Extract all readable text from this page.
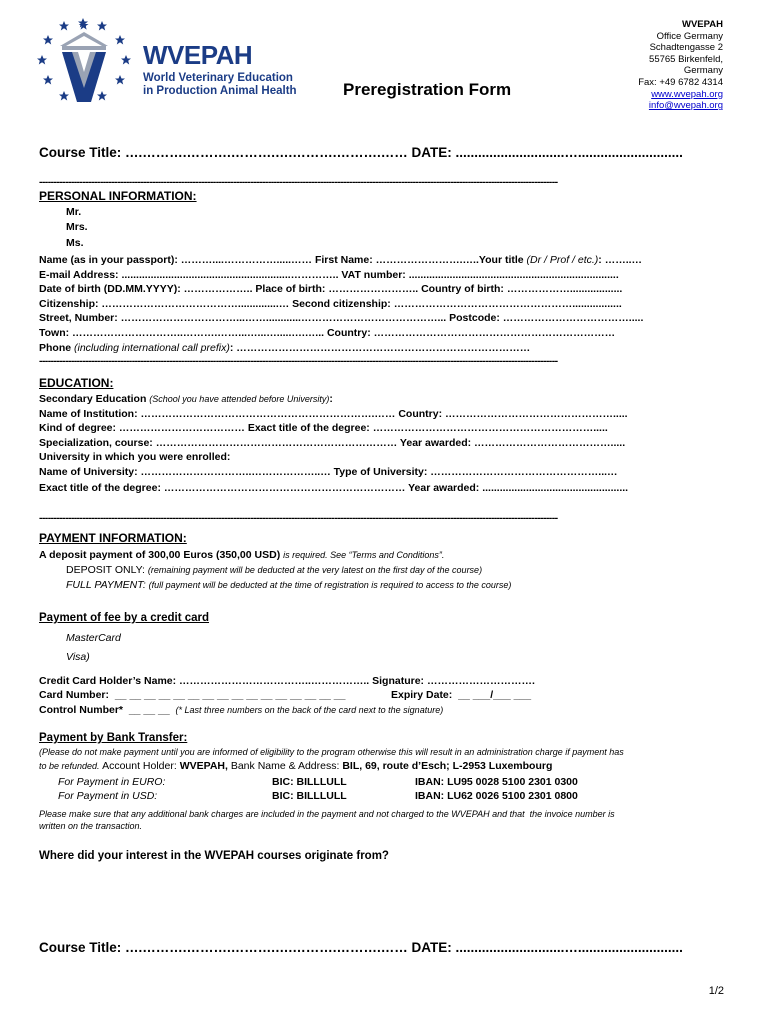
WVEPAH
World Veterinary Education
in Production Animal Health	Preregistration Form
WVEPAH
Office Germany
Schadtengasse 2
55765 Birkenfeld,
Germany
Fax: +49 6782 4314
www.wvepah.org
info@wvepah.org
Course Title: ….……….……….……….….……….……….…… DATE: .............................…............................
-----------------------------------------------------------------------------------------------------------------------------------------------------------------------------------
PERSONAL INFORMATION:
Mr.
Mrs.
Ms.
Name (as in your passport): ………....…………….....…… First Name: …………………….…..Your title (Dr / Prof / etc.): ……..…
E-mail Address: ..........................................................………….. VAT number: ........................................................................
Date of birth (DD.MM.YYYY): ……………….. Place of birth: …………………….. Country of birth: ………………..................
Citizenship: …………………………………..............… Second citizenship: …………………………………………….................
Street, Number: ……………………………...……............…………………………………... Postcode: ……………………………….....
Town: …………………………..……….……...…...….....….…... Country: ……………………………………………………………
Phone (including international call prefix): …………………………………………………………………………
-----------------------------------------------------------------------------------------------------------------------------------------------------------------------------------
EDUCATION:
Secondary Education (School you have attended before University):
Name of Institution: ………………………………………………………….…… Country: ………………………………………….....
Kind of degree: ……………………………… Exact title of the degree: ……………………………………………………….....
Specialization, course: …………………………………………………………… Year awarded: ………………………………….....
University in which you were enrolled:
Name of University: …………………………..………………..… Type of University: …………………………………………...…
Exact title of the degree: …………………………………………………………… Year awarded: ..................................................
-----------------------------------------------------------------------------------------------------------------------------------------------------------------------------------
PAYMENT INFORMATION:
A deposit payment of 300,00 Euros (350,00 USD) is required. See “Terms and Conditions”.
DEPOSIT ONLY: (remaining payment will be deducted at the very latest on the first day of the course)
FULL PAYMENT: (full payment will be deducted at the time of registration is required to access to the course)
Payment of fee by a credit card
MasterCard
Visa)
Credit Card Holder’s Name: ………………………………..…………….. Signature: ………………………….
Card Number:  __ __ __ __ __ __ __ __ __ __ __ __ __ __ __ __	Expiry Date:  __ ___/___ ___
Control Number*  __ __ __  (* Last three numbers on the back of the card next to the signature)
Payment by Bank Transfer:
(Please do not make payment until you are informed of eligibility to the program otherwise this will result in an administration charge if payment has
to be refunded. Account Holder: WVEPAH, Bank Name & Address: BIL, 69, route d’Esch; L-2953 Luxembourg
For Payment in EURO:	BIC: BILLLULL	IBAN: LU95 0028 5100 2301 0300
For Payment in USD:	BIC: BILLLULL	IBAN: LU62 0026 5100 2301 0800
Please make sure that any additional bank charges are included in the payment and not charged to the WVEPAH and that  the invoice number is
written on the transaction.
Where did your interest in the WVEPAH courses originate from?
Course Title: ….……….……….……….….……….……….…… DATE: .............................…............................
1/2
